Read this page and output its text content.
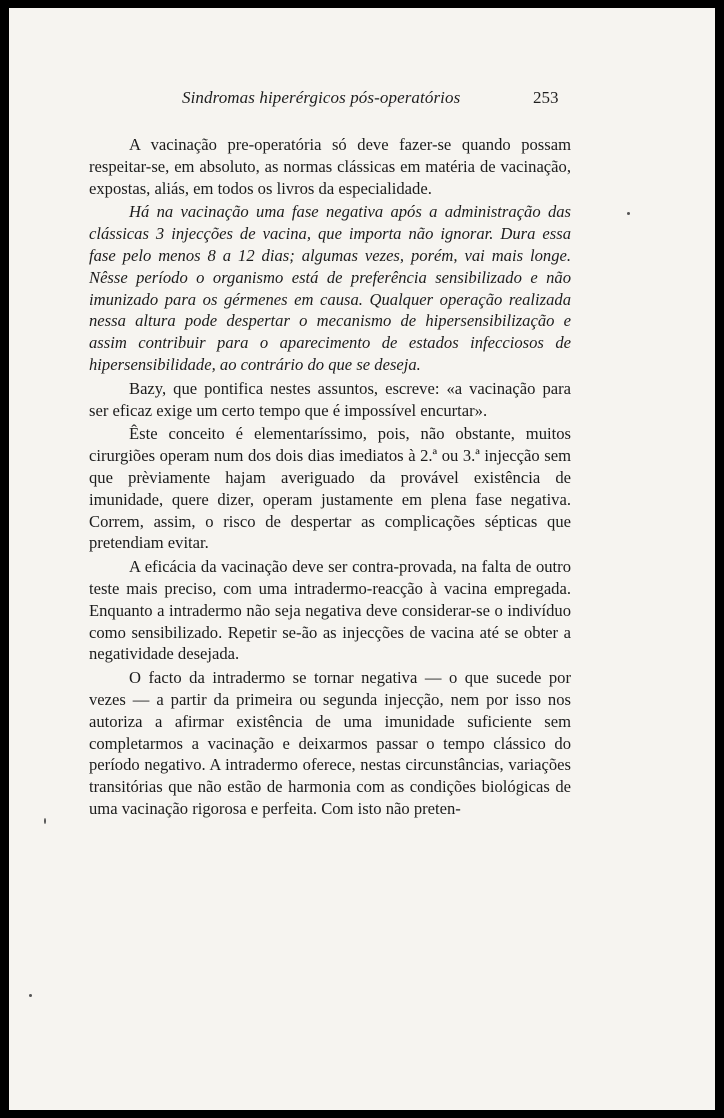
Sindromas hiperérgicos pós-operatórios	253

A vacinação pre-operatória só deve fazer-se quando possam respeitar-se, em absoluto, as normas clássicas em matéria de vacinação, expostas, aliás, em todos os livros da especialidade.

Há na vacinação uma fase negativa após a administração das clássicas 3 injecções de vacina, que importa não ignorar. Dura essa fase pelo menos 8 a 12 dias; algumas vezes, porém, vai mais longe. Nêsse período o organismo está de preferência sensibilizado e não imunizado para os gérmenes em causa. Qualquer operação realizada nessa altura pode despertar o mecanismo de hipersensibilização e assim contribuir para o aparecimento de estados infecciosos de hipersensibilidade, ao contrário do que se deseja.

Bazy, que pontifica nestes assuntos, escreve: «a vacinação para ser eficaz exige um certo tempo que é impossível encurtar».

Êste conceito é elementaríssimo, pois, não obstante, muitos cirurgiões operam num dos dois dias imediatos à 2.ª ou 3.ª injecção sem que prèviamente hajam averiguado da provável existência de imunidade, quere dizer, operam justamente em plena fase negativa. Correm, assim, o risco de despertar as complicações sépticas que pretendiam evitar.

A eficácia da vacinação deve ser contra-provada, na falta de outro teste mais preciso, com uma intradermo-reacção à vacina empregada. Enquanto a intradermo não seja negativa deve considerar-se o indivíduo como sensibilizado. Repetir se-ão as injecções de vacina até se obter a negatividade desejada.

O facto da intradermo se tornar negativa — o que sucede por vezes — a partir da primeira ou segunda injecção, nem por isso nos autoriza a afirmar existência de uma imunidade suficiente sem completarmos a vacinação e deixarmos passar o tempo clássico do período negativo. A intradermo oferece, nestas circunstâncias, variações transitórias que não estão de harmonia com as condições biológicas de uma vacinação rigorosa e perfeita. Com isto não preten-
